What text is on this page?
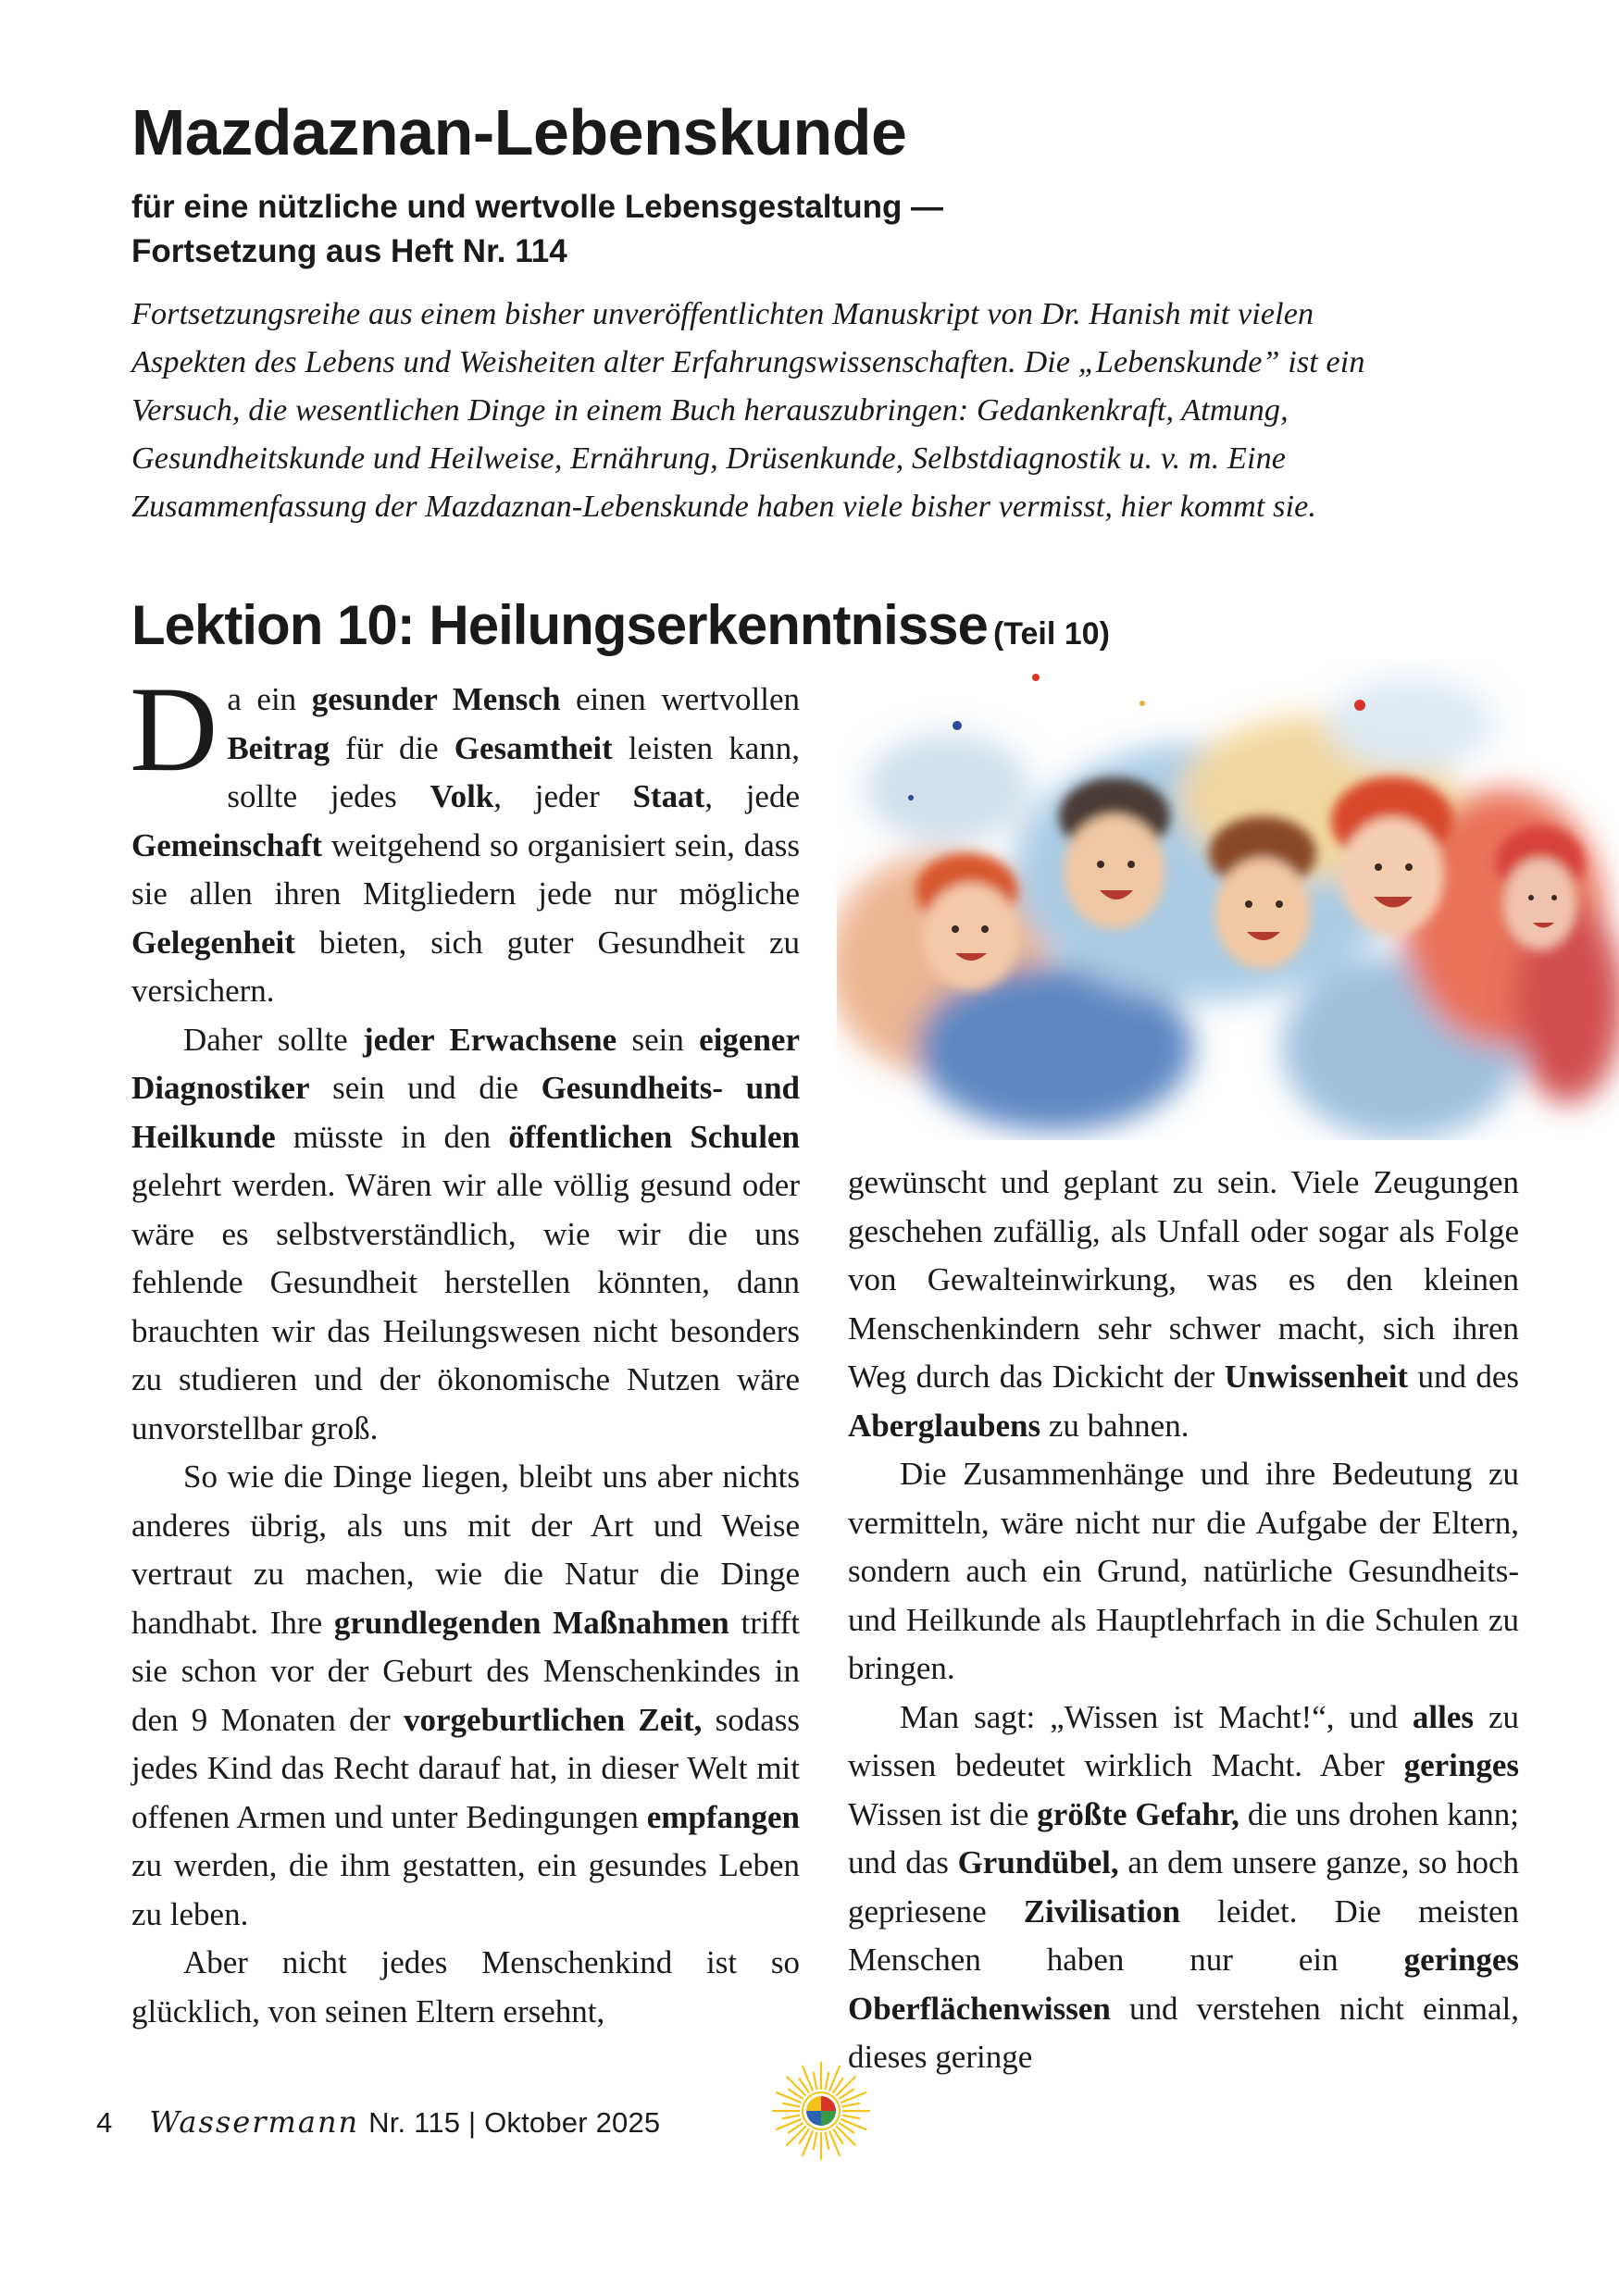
Mazdaznan-Lebenskunde
für eine nützliche und wertvolle Lebensgestaltung —
Fortsetzung aus Heft Nr. 114
Fortsetzungsreihe aus einem bisher unveröffentlichten Manuskript von Dr. Hanish mit vielen
Aspekten des Lebens und Weisheiten alter Erfahrungswissenschaften. Die „Lebenskunde” ist ein
Versuch, die wesentlichen Dinge in einem Buch herauszubringen: Gedankenkraft, Atmung,
Gesundheitskunde und Heilweise, Ernährung, Drüsenkunde, Selbstdiagnostik u. v. m. Eine
Zusammenfassung der Mazdaznan-Lebenskunde haben viele bisher vermisst, hier kommt sie.
Lektion 10: Heilungserkenntnisse (Teil 10)

Da ein gesunder Mensch einen wertvollen Beitrag für die Gesamtheit leisten kann, sollte jedes Volk, jeder Staat, jede Gemeinschaft weitgehend so organisiert sein, dass sie allen ihren Mitgliedern jede nur mögliche Gelegenheit bieten, sich guter Gesundheit zu versichern.

Daher sollte jeder Erwachsene sein eigener Diagnostiker sein und die Gesundheits- und Heilkunde müsste in den öffentlichen Schulen gelehrt werden. Wären wir alle völlig gesund oder wäre es selbstverständlich, wie wir die uns fehlende Gesundheit herstellen könnten, dann brauchten wir das Heilungswesen nicht besonders zu studieren und der ökonomische Nutzen wäre unvorstellbar groß.

So wie die Dinge liegen, bleibt uns aber nichts anderes übrig, als uns mit der Art und Weise vertraut zu machen, wie die Natur die Dinge handhabt. Ihre grundlegenden Maßnahmen trifft sie schon vor der Geburt des Menschenkindes in den 9 Monaten der vorgeburtlichen Zeit, sodass jedes Kind das Recht darauf hat, in dieser Welt mit offenen Armen und unter Bedingungen empfangen zu werden, die ihm gestatten, ein gesundes Leben zu leben.

Aber nicht jedes Menschenkind ist so glücklich, von seinen Eltern ersehnt,

gewünscht und geplant zu sein. Viele Zeugungen geschehen zufällig, als Unfall oder sogar als Folge von Gewalteinwirkung, was es den kleinen Menschenkindern sehr schwer macht, sich ihren Weg durch das Dickicht der Unwissenheit und des Aberglaubens zu bahnen.

Die Zusammenhänge und ihre Bedeutung zu vermitteln, wäre nicht nur die Aufgabe der Eltern, sondern auch ein Grund, natürliche Gesundheits- und Heilkunde als Hauptlehrfach in die Schulen zu bringen.

Man sagt: „Wissen ist Macht!“, und alles zu wissen bedeutet wirklich Macht. Aber geringes Wissen ist die größte Gefahr, die uns drohen kann; und das Grundübel, an dem unsere ganze, so hoch gepriesene Zivilisation leidet. Die meisten Menschen haben nur ein geringes Oberflächenwissen und verstehen nicht einmal, dieses geringe

4 Wassermann Nr. 115 | Oktober 2025
